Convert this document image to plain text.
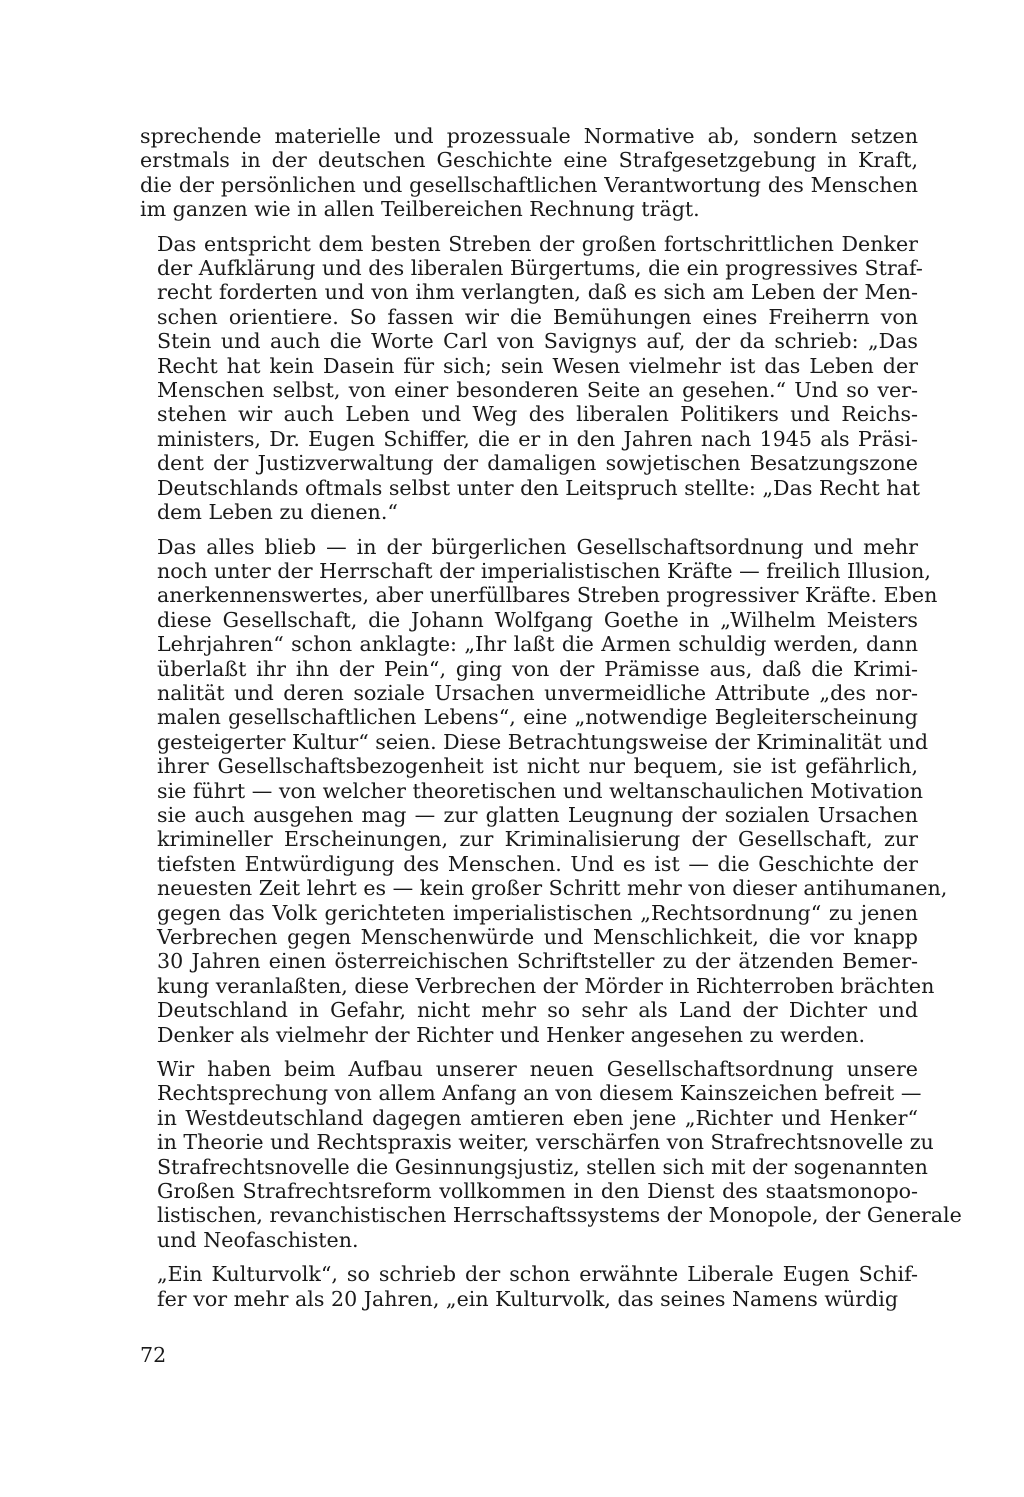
sprechende materielle und prozessuale Normative ab, sondern setzen
erstmals in der deutschen Geschichte eine Strafgesetzgebung in Kraft,
die der persönlichen und gesellschaftlichen Verantwortung des Menschen
im ganzen wie in allen Teilbereichen Rechnung trägt.

Das entspricht dem besten Streben der großen fortschrittlichen Denker
der Aufklärung und des liberalen Bürgertums, die ein progressives Straf-
recht forderten und von ihm verlangten, daß es sich am Leben der Men-
schen orientiere. So fassen wir die Bemühungen eines Freiherrn von
Stein und auch die Worte Carl von Savignys auf, der da schrieb: „Das
Recht hat kein Dasein für sich; sein Wesen vielmehr ist das Leben der
Menschen selbst, von einer besonderen Seite an gesehen.“ Und so ver-
stehen wir auch Leben und Weg des liberalen Politikers und Reichs-
ministers, Dr. Eugen Schiffer, die er in den Jahren nach 1945 als Präsi-
dent der Justizverwaltung der damaligen sowjetischen Besatzungszone
Deutschlands oftmals selbst unter den Leitspruch stellte: „Das Recht hat
dem Leben zu dienen.“

Das alles blieb — in der bürgerlichen Gesellschaftsordnung und mehr
noch unter der Herrschaft der imperialistischen Kräfte — freilich Illusion,
anerkennenswertes, aber unerfüllbares Streben progressiver Kräfte. Eben
diese Gesellschaft, die Johann Wolfgang Goethe in „Wilhelm Meisters
Lehrjahren“ schon anklagte: „Ihr laßt die Armen schuldig werden, dann
überlaßt ihr ihn der Pein“, ging von der Prämisse aus, daß die Krimi-
nalität und deren soziale Ursachen unvermeidliche Attribute „des nor-
malen gesellschaftlichen Lebens“, eine „notwendige Begleiterscheinung
gesteigerter Kultur“ seien. Diese Betrachtungsweise der Kriminalität und
ihrer Gesellschaftsbezogenheit ist nicht nur bequem, sie ist gefährlich,
sie führt — von welcher theoretischen und weltanschaulichen Motivation
sie auch ausgehen mag — zur glatten Leugnung der sozialen Ursachen
krimineller Erscheinungen, zur Kriminalisierung der Gesellschaft, zur
tiefsten Entwürdigung des Menschen. Und es ist — die Geschichte der
neuesten Zeit lehrt es — kein großer Schritt mehr von dieser antihumanen,
gegen das Volk gerichteten imperialistischen „Rechtsordnung“ zu jenen
Verbrechen gegen Menschenwürde und Menschlichkeit, die vor knapp
30 Jahren einen österreichischen Schriftsteller zu der ätzenden Bemer-
kung veranlaßten, diese Verbrechen der Mörder in Richterroben brächten
Deutschland in Gefahr, nicht mehr so sehr als Land der Dichter und
Denker als vielmehr der Richter und Henker angesehen zu werden.

Wir haben beim Aufbau unserer neuen Gesellschaftsordnung unsere
Rechtsprechung von allem Anfang an von diesem Kainszeichen befreit —
in Westdeutschland dagegen amtieren eben jene „Richter und Henker“
in Theorie und Rechtspraxis weiter, verschärfen von Strafrechtsnovelle zu
Strafrechtsnovelle die Gesinnungsjustiz, stellen sich mit der sogenannten
Großen Strafrechtsreform vollkommen in den Dienst des staatsmonopo-
listischen, revanchistischen Herrschaftssystems der Monopole, der Generale
und Neofaschisten.

„Ein Kulturvolk“, so schrieb der schon erwähnte Liberale Eugen Schif-
fer vor mehr als 20 Jahren, „ein Kulturvolk, das seines Namens würdig

72
